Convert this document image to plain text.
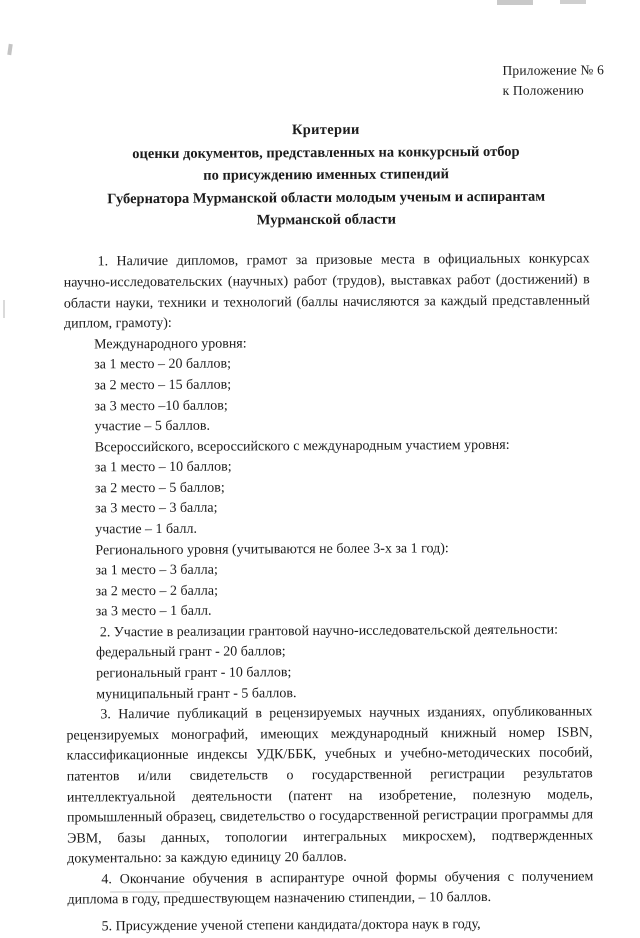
Приложение № 6
к Положению
Критерии
оценки документов, представленных на конкурсный отбор
по присуждению именных стипендий
Губернатора Мурманской области молодым ученым и аспирантам
Мурманской области

1. Наличие дипломов, грамот за призовые места в официальных конкурсах научно-исследовательских (научных) работ (трудов), выставках работ (достижений) в области науки, техники и технологий (баллы начисляются за каждый представленный диплом, грамоту):

Международного уровня:

за 1 место – 20 баллов;

за 2 место – 15 баллов;

за 3 место –10 баллов;

участие – 5 баллов.

Всероссийского, всероссийского с международным участием уровня:

за 1 место – 10 баллов;

за 2 место – 5 баллов;

за 3 место – 3 балла;

участие – 1 балл.

Регионального уровня (учитываются не более 3-х за 1 год):

за 1 место – 3 балла;

за 2 место – 2 балла;

за 3 место – 1 балл.

2. Участие в реализации грантовой научно-исследовательской деятельности:

федеральный грант - 20 баллов;

региональный грант - 10 баллов;

муниципальный грант - 5 баллов.

3. Наличие публикаций в рецензируемых научных изданиях, опубликованных рецензируемых монографий, имеющих международный книжный номер ISBN, классификационные индексы УДК/ББК, учебных и учебно-методических пособий, патентов и/или свидетельств о государственной регистрации результатов интеллектуальной деятельности (патент на изобретение, полезную модель, промышленный образец, свидетельство о государственной регистрации программы для ЭВМ, базы данных, топологии интегральных микросхем), подтвержденных документально: за каждую единицу 20 баллов.

4. Окончание обучения в аспирантуре очной формы обучения с получением диплома в году, предшествующем назначению стипендии, – 10 баллов.

5. Присуждение ученой степени кандидата/доктора наук в году,
